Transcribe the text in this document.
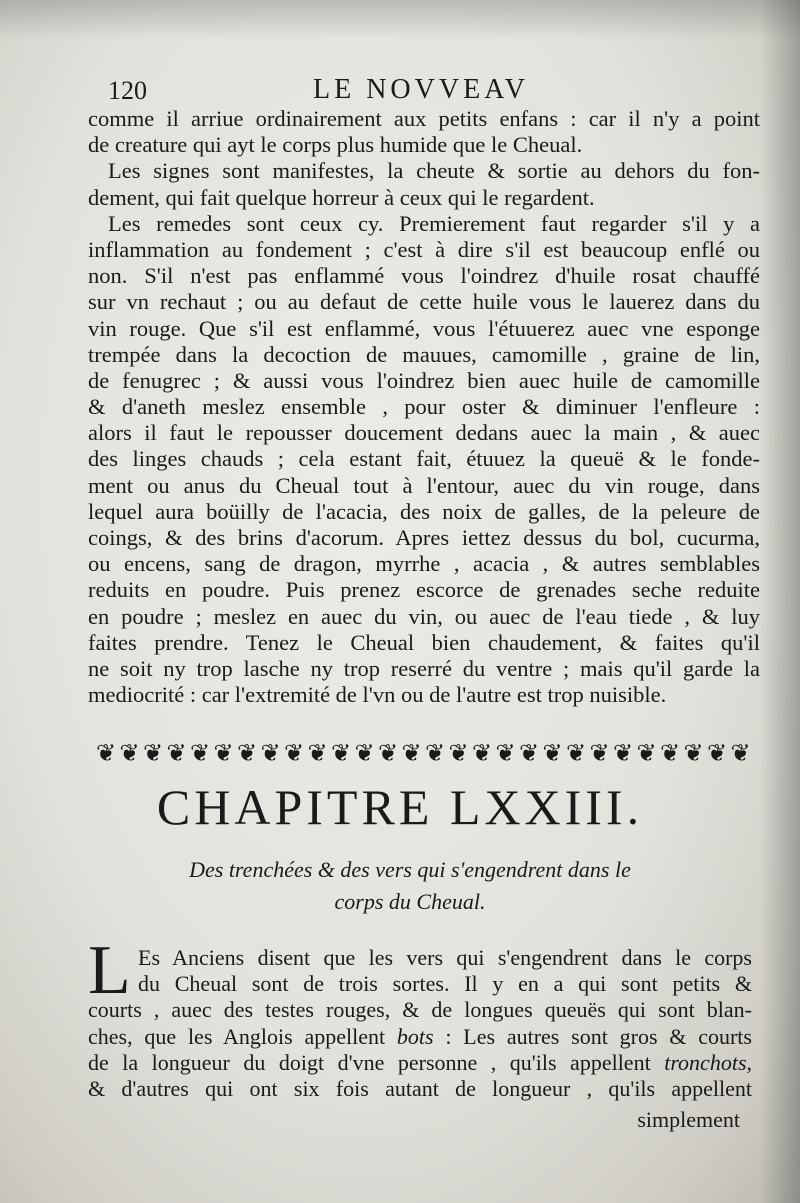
120	LE NOVVEAV
comme il arriue ordinairement aux petits enfans : car il n'y a point
de creature qui ayt le corps plus humide que le Cheual.
Les signes sont manifestes, la cheute & sortie au dehors du fon-
dement, qui fait quelque horreur à ceux qui le regardent.
Les remedes sont ceux cy. Premierement faut regarder s'il y a
inflammation au fondement ; c'est à dire s'il est beaucoup enflé ou
non. S'il n'est pas enflammé vous l'oindrez d'huile rosat chauffé
sur vn rechaut ; ou au defaut de cette huile vous le lauerez dans du
vin rouge. Que s'il est enflammé, vous l'étuuerez auec vne esponge
trempée dans la decoction de mauues, camomille , graine de lin,
de fenugrec ; & aussi vous l'oindrez bien auec huile de camomille
& d'aneth meslez ensemble , pour oster & diminuer l'enfleure :
alors il faut le repousser doucement dedans auec la main , & auec
des linges chauds ; cela estant fait, étuuez la queuë & le fonde-
ment ou anus du Cheual tout à l'entour, auec du vin rouge, dans
lequel aura boüilly de l'acacia, des noix de galles, de la peleure de
coings, & des brins d'acorum. Apres iettez dessus du bol, cucurma,
ou encens, sang de dragon, myrrhe , acacia , & autres semblables
reduits en poudre. Puis prenez escorce de grenades seche reduite
en poudre ; meslez en auec du vin, ou auec de l'eau tiede , & luy
faites prendre. Tenez le Cheual bien chaudement, & faites qu'il
ne soit ny trop lasche ny trop reserré du ventre ; mais qu'il garde la
mediocrité : car l'extremité de l'vn ou de l'autre est trop nuisible.
❦ ❦ ❦ ❦ ❦ ❦ ❦ ❦ ❦ ❦ ❦ ❦ ❦ ❦ ❦ ❦ ❦ ❦ ❦ ❦ ❦ ❦ ❦ ❦ ❦ ❦ ❦ ❦
CHAPITRE LXXIII.
Des trenchées & des vers qui s'engendrent dans le
corps du Cheual.
L Es Anciens disent que les vers qui s'engendrent dans le corps
du Cheual sont de trois sortes. Il y en a qui sont petits &
courts , auec des testes rouges, & de longues queuës qui sont blan-
ches, que les Anglois appellent bots : Les autres sont gros & courts
de la longueur du doigt d'vne personne , qu'ils appellent tronchots,
& d'autres qui ont six fois autant de longueur , qu'ils appellent
simplement
